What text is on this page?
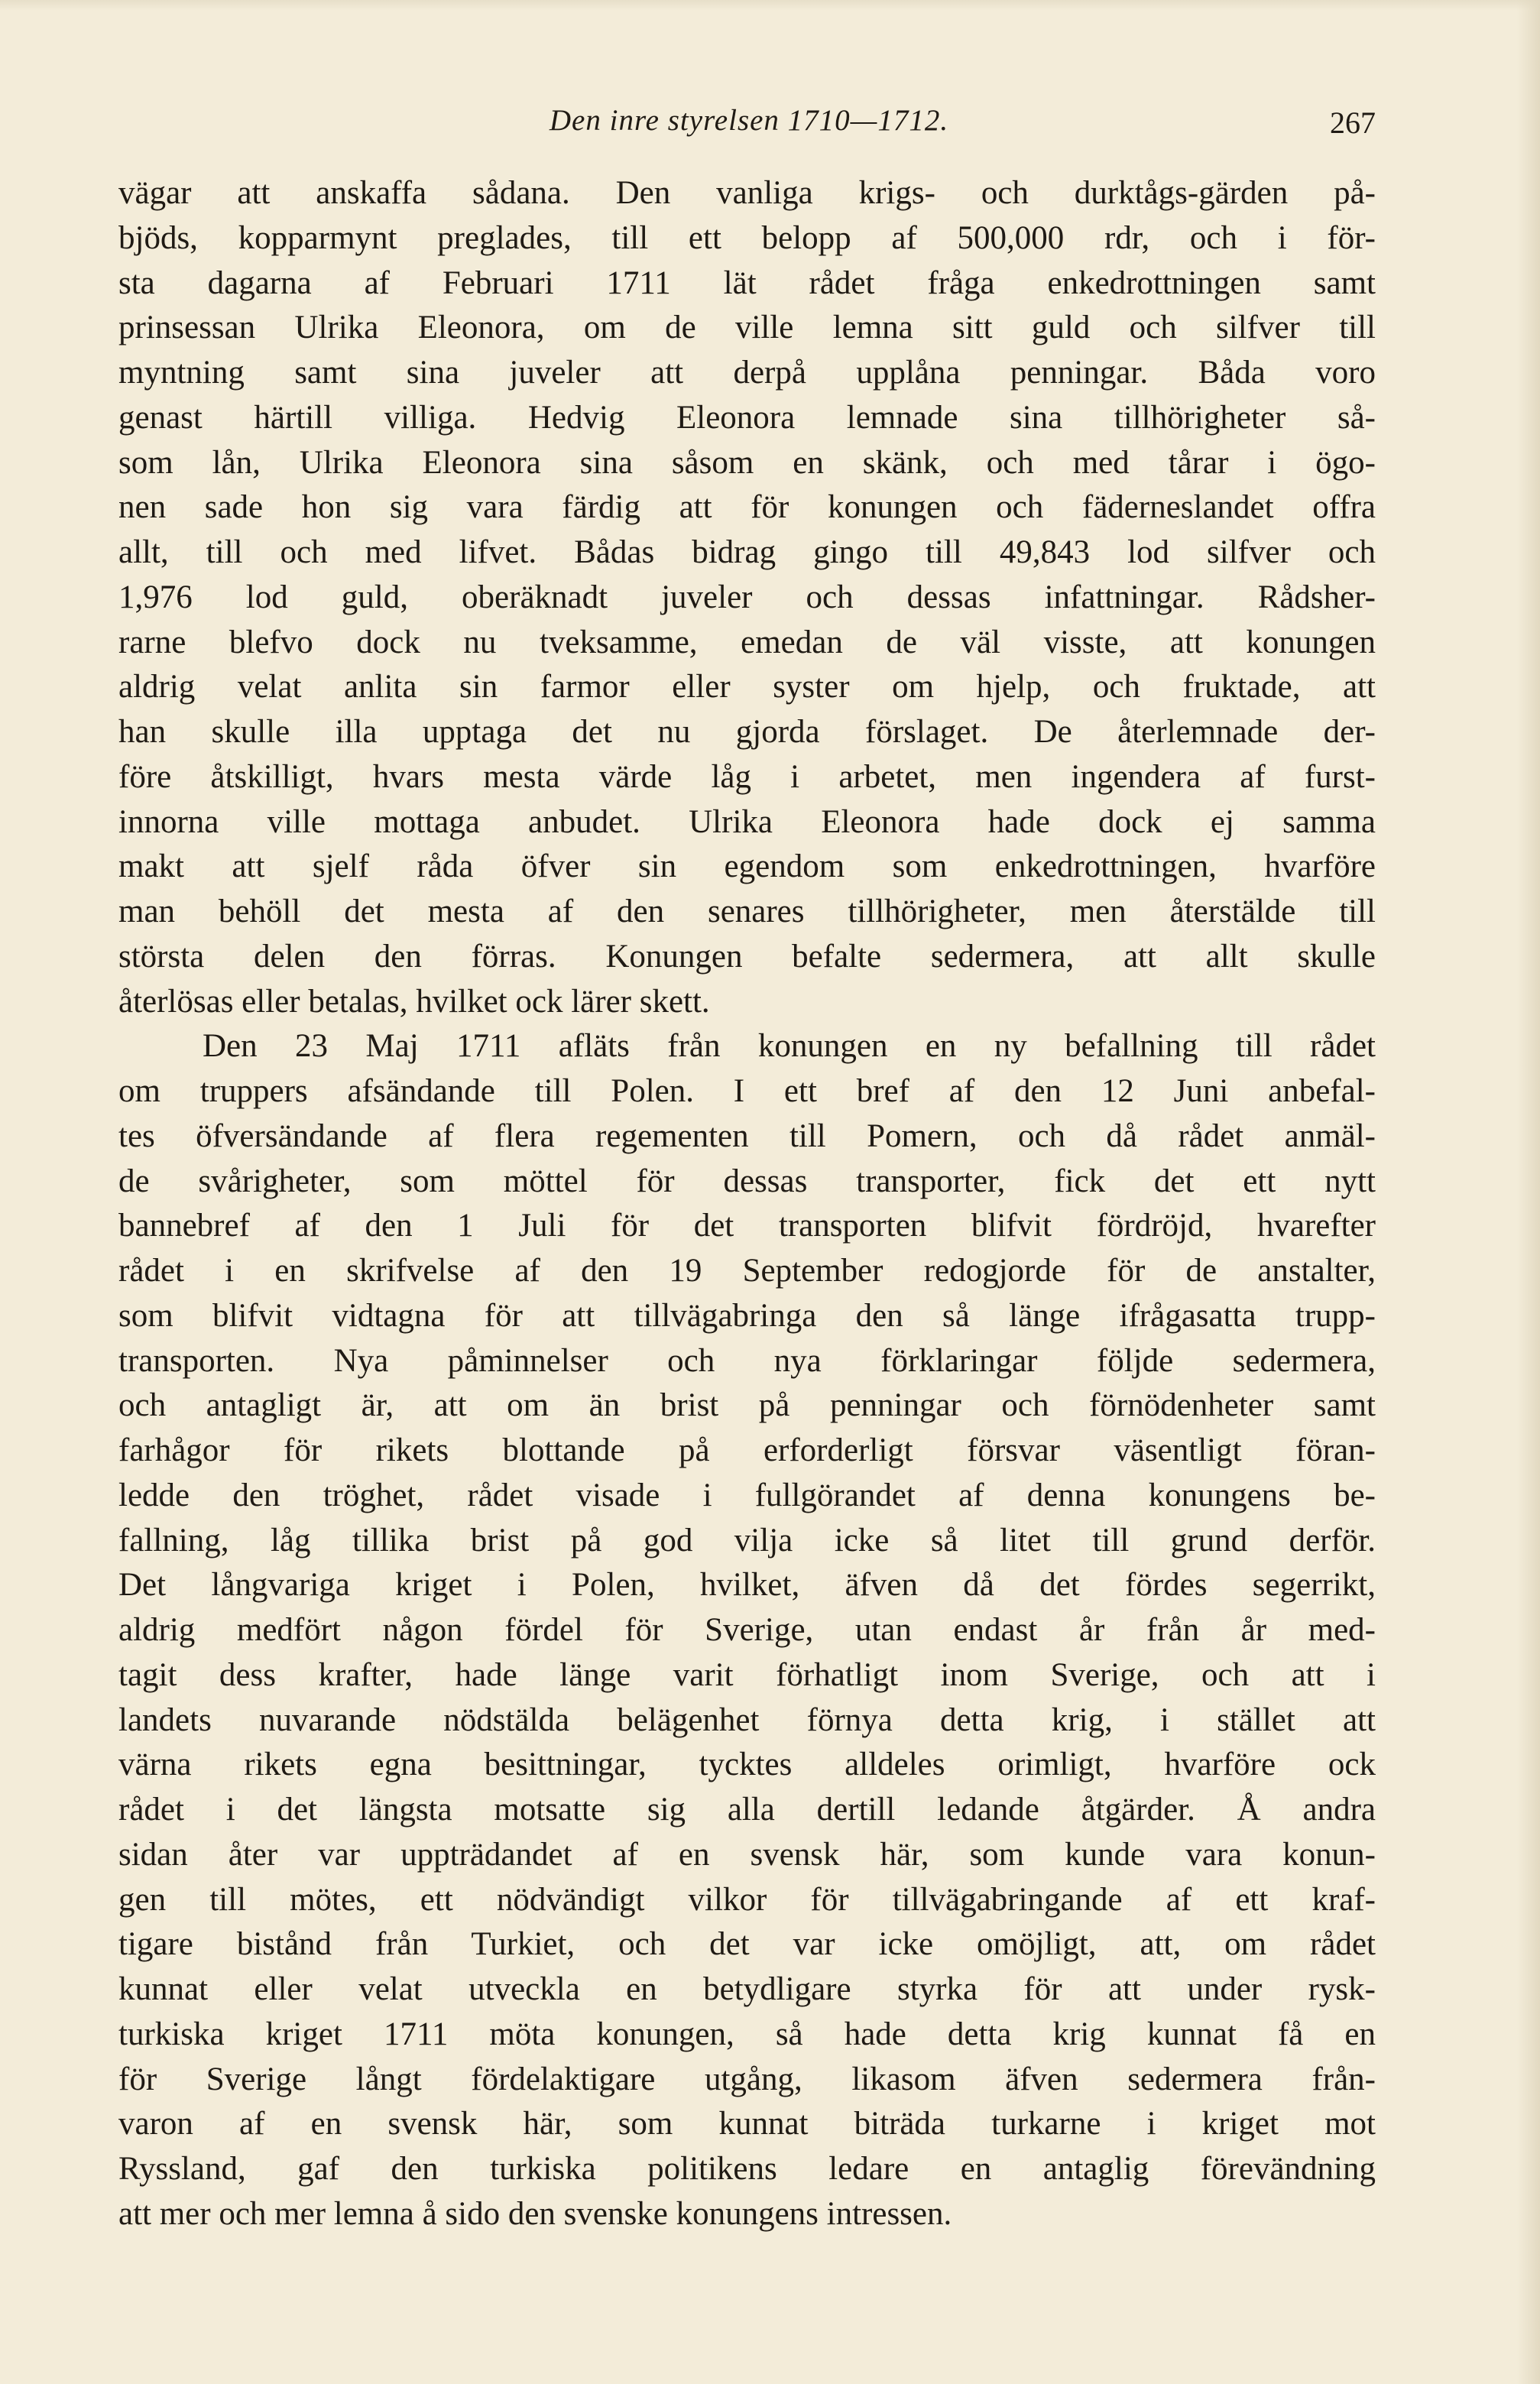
Den inre styrelsen 1710—1712.	267
vägar att anskaffa sådana. Den vanliga krigs- och durktågs-gärden på-
bjöds, kopparmynt preglades, till ett belopp af 500,000 rdr, och i för-
sta dagarna af Februari 1711 lät rådet fråga enkedrottningen samt
prinsessan Ulrika Eleonora, om de ville lemna sitt guld och silfver till
myntning samt sina juveler att derpå upplåna penningar. Båda voro
genast härtill villiga. Hedvig Eleonora lemnade sina tillhörigheter så-
som lån, Ulrika Eleonora sina såsom en skänk, och med tårar i ögo-
nen sade hon sig vara färdig att för konungen och fäderneslandet offra
allt, till och med lifvet. Bådas bidrag gingo till 49,843 lod silfver och
1,976 lod guld, oberäknadt juveler och dessas infattningar. Rådsher-
rarne blefvo dock nu tveksamme, emedan de väl visste, att konungen
aldrig velat anlita sin farmor eller syster om hjelp, och fruktade, att
han skulle illa upptaga det nu gjorda förslaget. De återlemnade der-
före åtskilligt, hvars mesta värde låg i arbetet, men ingendera af furst-
innorna ville mottaga anbudet. Ulrika Eleonora hade dock ej samma
makt att sjelf råda öfver sin egendom som enkedrottningen, hvarföre
man behöll det mesta af den senares tillhörigheter, men återstälde till
största delen den förras. Konungen befalte sedermera, att allt skulle
återlösas eller betalas, hvilket ock lärer skett.
Den 23 Maj 1711 afläts från konungen en ny befallning till rådet
om truppers afsändande till Polen. I ett bref af den 12 Juni anbefal-
tes öfversändande af flera regementen till Pomern, och då rådet anmäl-
de svårigheter, som möttel för dessas transporter, fick det ett nytt
bannebref af den 1 Juli för det transporten blifvit fördröjd, hvarefter
rådet i en skrifvelse af den 19 September redogjorde för de anstalter,
som blifvit vidtagna för att tillvägabringa den så länge ifrågasatta trupp-
transporten. Nya påminnelser och nya förklaringar följde sedermera,
och antagligt är, att om än brist på penningar och förnödenheter samt
farhågor för rikets blottande på erforderligt försvar väsentligt föran-
ledde den tröghet, rådet visade i fullgörandet af denna konungens be-
fallning, låg tillika brist på god vilja icke så litet till grund derför.
Det långvariga kriget i Polen, hvilket, äfven då det fördes segerrikt,
aldrig medfört någon fördel för Sverige, utan endast år från år med-
tagit dess krafter, hade länge varit förhatligt inom Sverige, och att i
landets nuvarande nödstälda belägenhet förnya detta krig, i stället att
värna rikets egna besittningar, tycktes alldeles orimligt, hvarföre ock
rådet i det längsta motsatte sig alla dertill ledande åtgärder. Å andra
sidan åter var uppträdandet af en svensk här, som kunde vara konun-
gen till mötes, ett nödvändigt vilkor för tillvägabringande af ett kraf-
tigare bistånd från Turkiet, och det var icke omöjligt, att, om rådet
kunnat eller velat utveckla en betydligare styrka för att under rysk-
turkiska kriget 1711 möta konungen, så hade detta krig kunnat få en
för Sverige långt fördelaktigare utgång, likasom äfven sedermera från-
varon af en svensk här, som kunnat biträda turkarne i kriget mot
Ryssland, gaf den turkiska politikens ledare en antaglig förevändning
att mer och mer lemna å sido den svenske konungens intressen.
